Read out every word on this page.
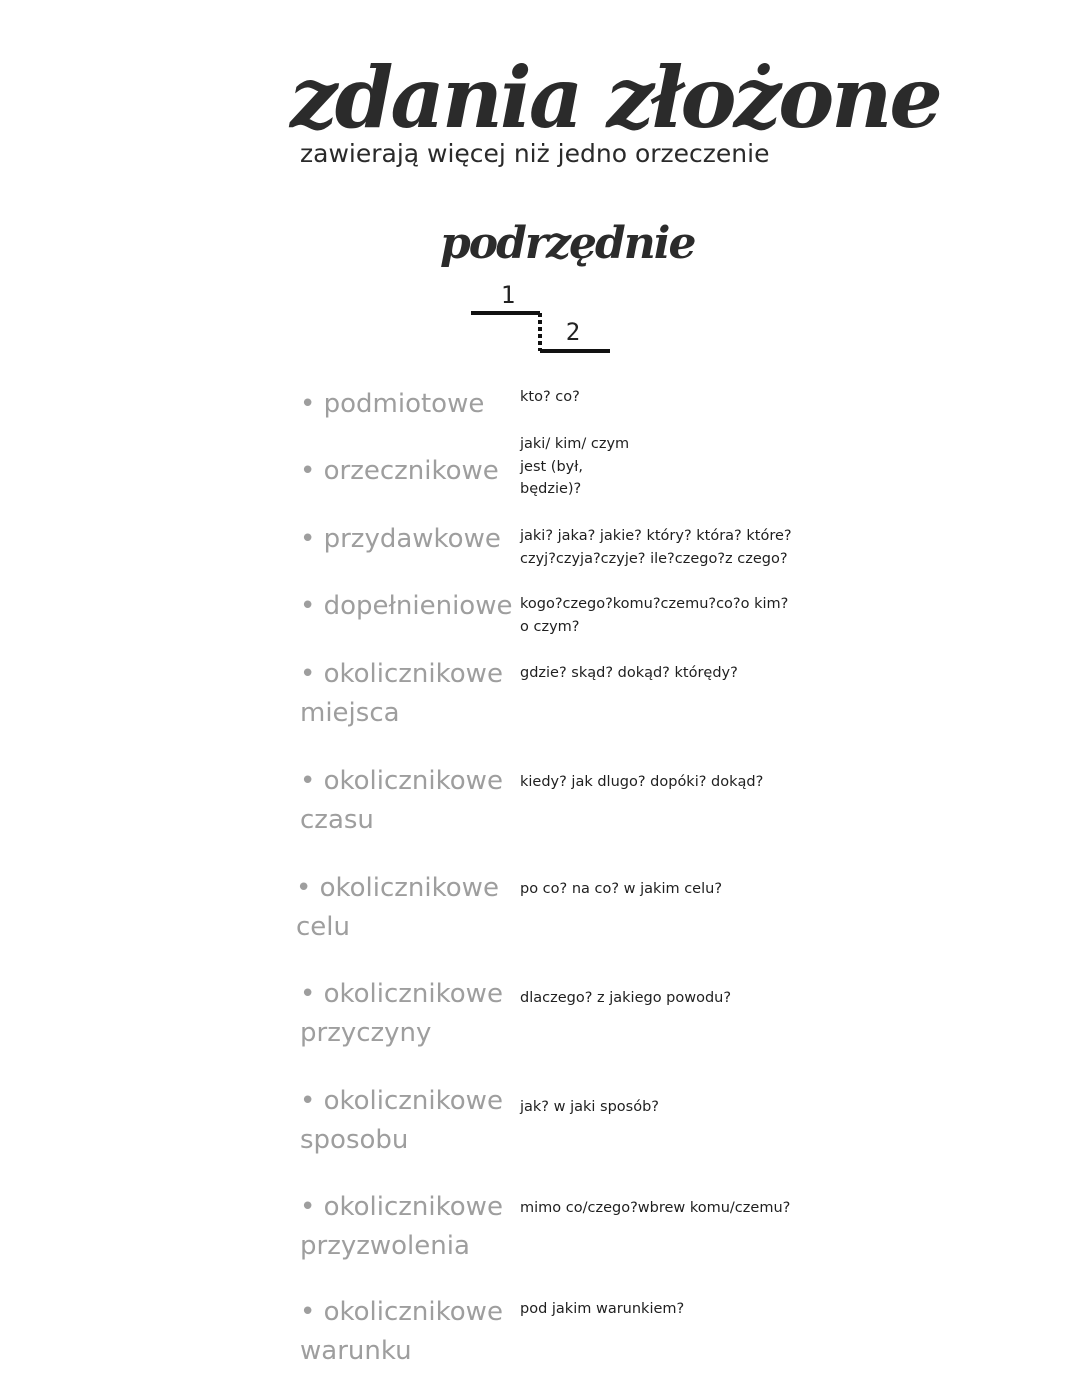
zdania złożone
zawierają więcej niż jedno orzeczenie
podrzędnie
1
2
• podmiotowe	kto? co?
• orzecznikowe
jaki/ kim/ czym
jest (był,
będzie)?
• przydawkowe	jaki? jaka? jakie? który? która? które?
czyj?czyja?czyje? ile?czego?z czego?
• dopełnieniowe kogo?czego?komu?czemu?co?o kim?
o czym?
• okolicznikowe
miejsca
gdzie? skąd? dokąd? którędy?
• okolicznikowe
czasu
kiedy? jak dlugo? dopóki? dokąd?
• okolicznikowe
celu
po co? na co? w jakim celu?
• okolicznikowe
przyczyny
dlaczego? z jakiego powodu?
• okolicznikowe
sposobu
jak? w jaki sposób?
• okolicznikowe
przyzwolenia
mimo co/czego?wbrew komu/czemu?
• okolicznikowe
warunku
pod jakim warunkiem?
